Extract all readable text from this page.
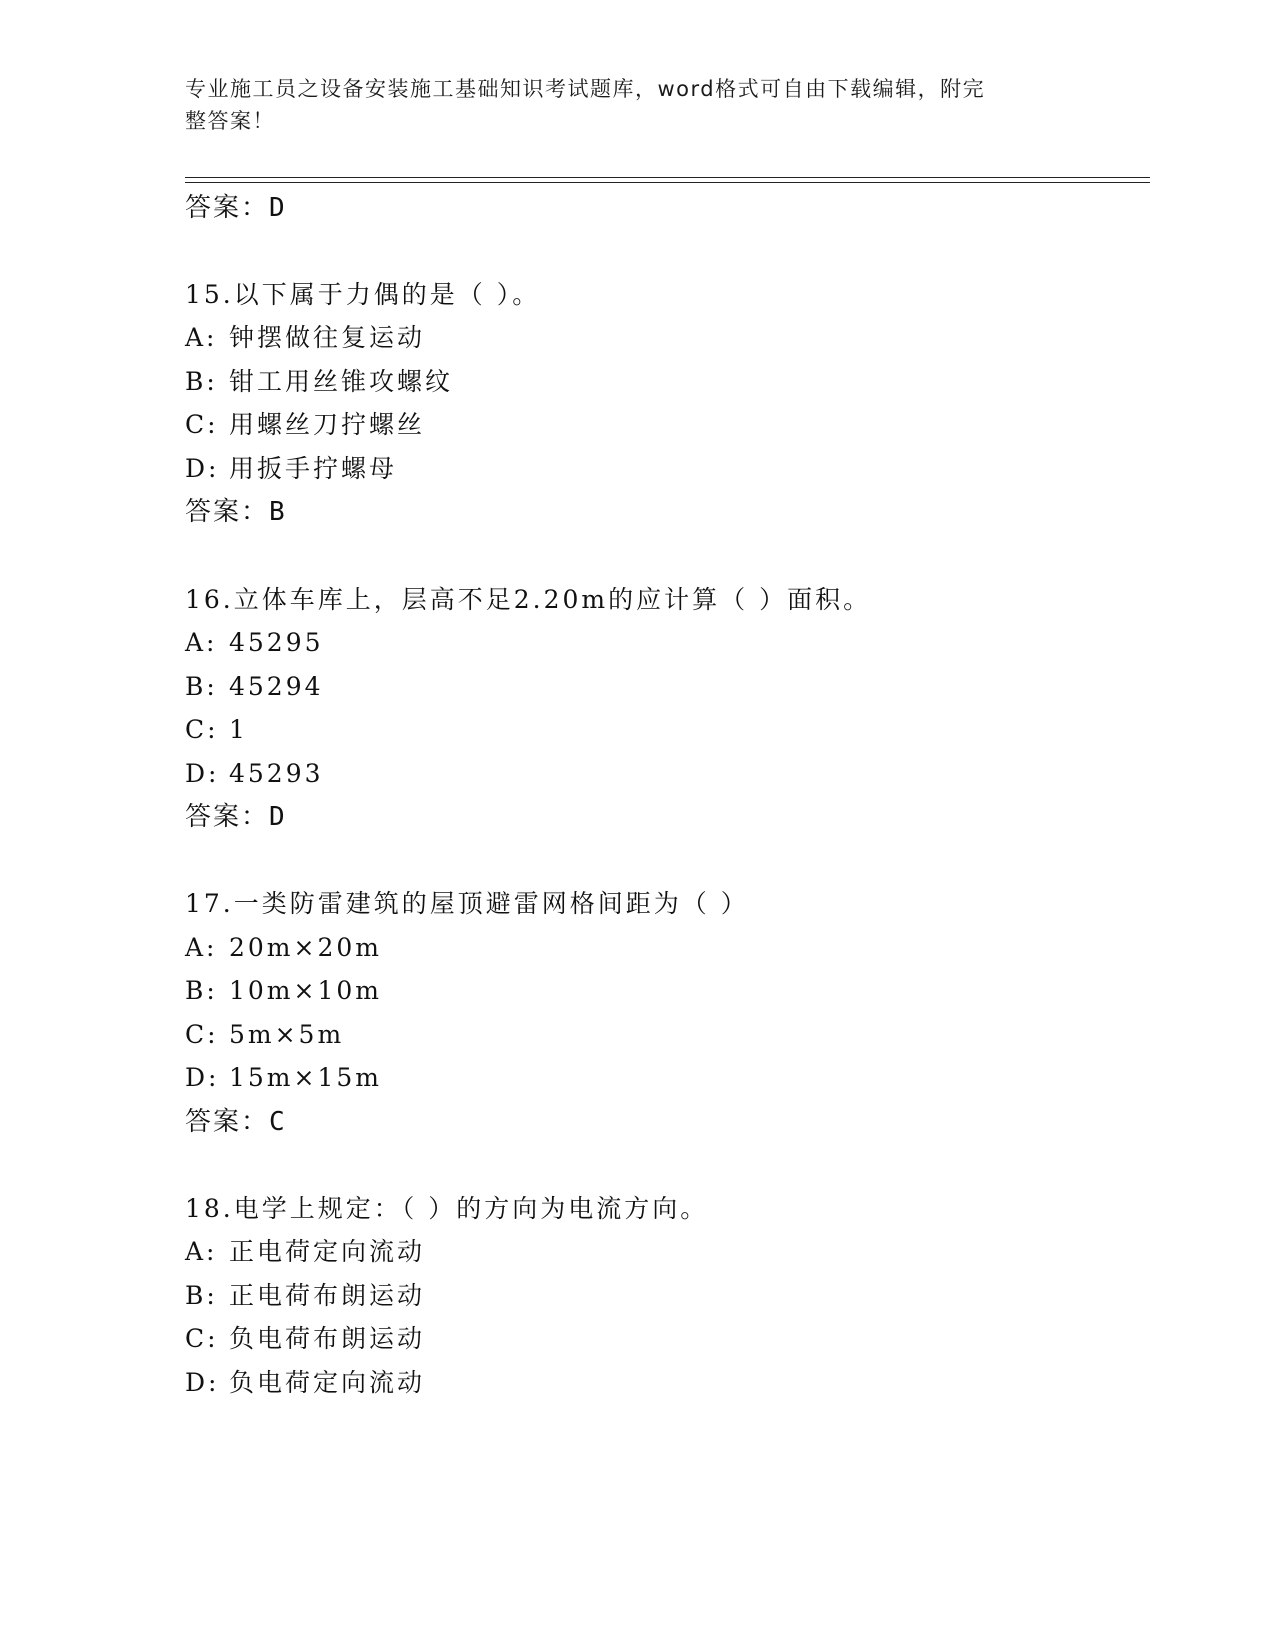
专业施工员之设备安装施工基础知识考试题库，word格式可自由下载编辑，附完
整答案！
答案：D
15.以下属于力偶的是（ ）。
A: 钟摆做往复运动
B: 钳工用丝锥攻螺纹
C: 用螺丝刀拧螺丝
D: 用扳手拧螺母
答案：B
16.立体车库上，层高不足2.20m的应计算（ ）面积。
A: 45295
B: 45294
C: 1
D: 45293
答案：D
17.一类防雷建筑的屋顶避雷网格间距为（ ）
A: 20m×20m
B: 10m×10m
C: 5m×5m
D: 15m×15m
答案：C
18.电学上规定：（ ）的方向为电流方向。
A: 正电荷定向流动
B: 正电荷布朗运动
C: 负电荷布朗运动
D: 负电荷定向流动
